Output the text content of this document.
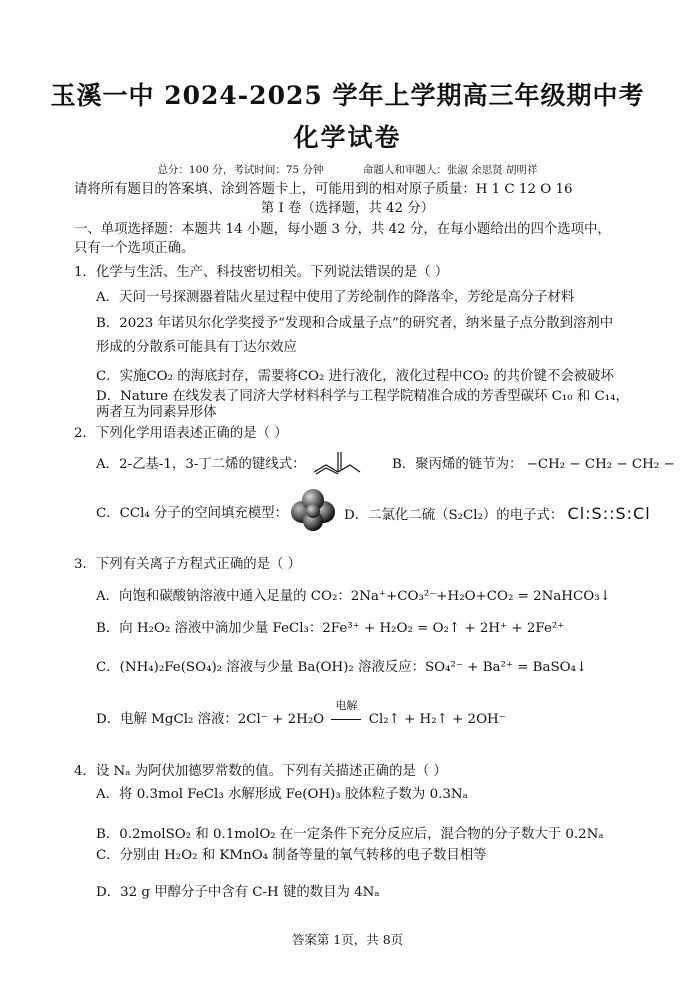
玉溪一中 2024-2025 学年上学期高三年级期中考
化学试卷
总分：100 分，考试时间：75 分钟	命题人和审题人：张淑 余思贤 胡明祥
请将所有题目的答案填、涂到答题卡上，可能用到的相对原子质量：H 1 C 12 O 16
第 I 卷（选择题，共 42 分）
一、单项选择题：本题共 14 小题，每小题 3 分，共 42 分，在每小题给出的四个选项中，
只有一个选项正确。
1．化学与生活、生产、科技密切相关。下列说法错误的是（ ）
A．天问一号探测器着陆火星过程中使用了芳纶制作的降落伞，芳纶是高分子材料
B．2023 年诺贝尔化学奖授予“发现和合成量子点”的研究者，纳米量子点分散到溶剂中
形成的分散系可能具有丁达尔效应
C．实施CO₂ 的海底封存，需要将CO₂ 进行液化，液化过程中CO₂ 的共价键不会被破坏
D．Nature 在线发表了同济大学材料科学与工程学院精准合成的芳香型碳环 C₁₀ 和 C₁₄，
两者互为同素异形体
2．下列化学用语表述正确的是（ ）
A．2-乙基-1，3-丁二烯的键线式：	B．聚丙烯的链节为： −CH₂ − CH₂ − CH₂ −
C．CCl₄ 分子的空间填充模型：	D．二氯化二硫（S₂Cl₂）的电子式： Cl:S::S:Cl
3．下列有关离子方程式正确的是（ ）
A．向饱和碳酸钠溶液中通入足量的 CO₂：2Na⁺+CO₃²⁻+H₂O+CO₂ = 2NaHCO₃↓
B．向 H₂O₂ 溶液中滴加少量 FeCl₃：2Fe³⁺ + H₂O₂ = O₂↑ + 2H⁺ + 2Fe²⁺
C．(NH₄)₂Fe(SO₄)₂ 溶液与少量 Ba(OH)₂ 溶液反应：SO₄²⁻ + Ba²⁺ = BaSO₄↓
D．电解 MgCl₂ 溶液：2Cl⁻ + 2H₂O
电解
Cl₂↑ + H₂↑ + 2OH⁻
4．设 Nₐ 为阿伏加德罗常数的值。下列有关描述正确的是（ ）
A．将 0.3mol FeCl₃ 水解形成 Fe(OH)₃ 胶体粒子数为 0.3Nₐ
B．0.2molSO₂ 和 0.1molO₂ 在一定条件下充分反应后，混合物的分子数大于 0.2Nₐ
C．分别由 H₂O₂ 和 KMnO₄ 制备等量的氧气转移的电子数目相等
D．32 g 甲醇分子中含有 C-H 键的数目为 4Nₐ
答案第 1页，共 8页
